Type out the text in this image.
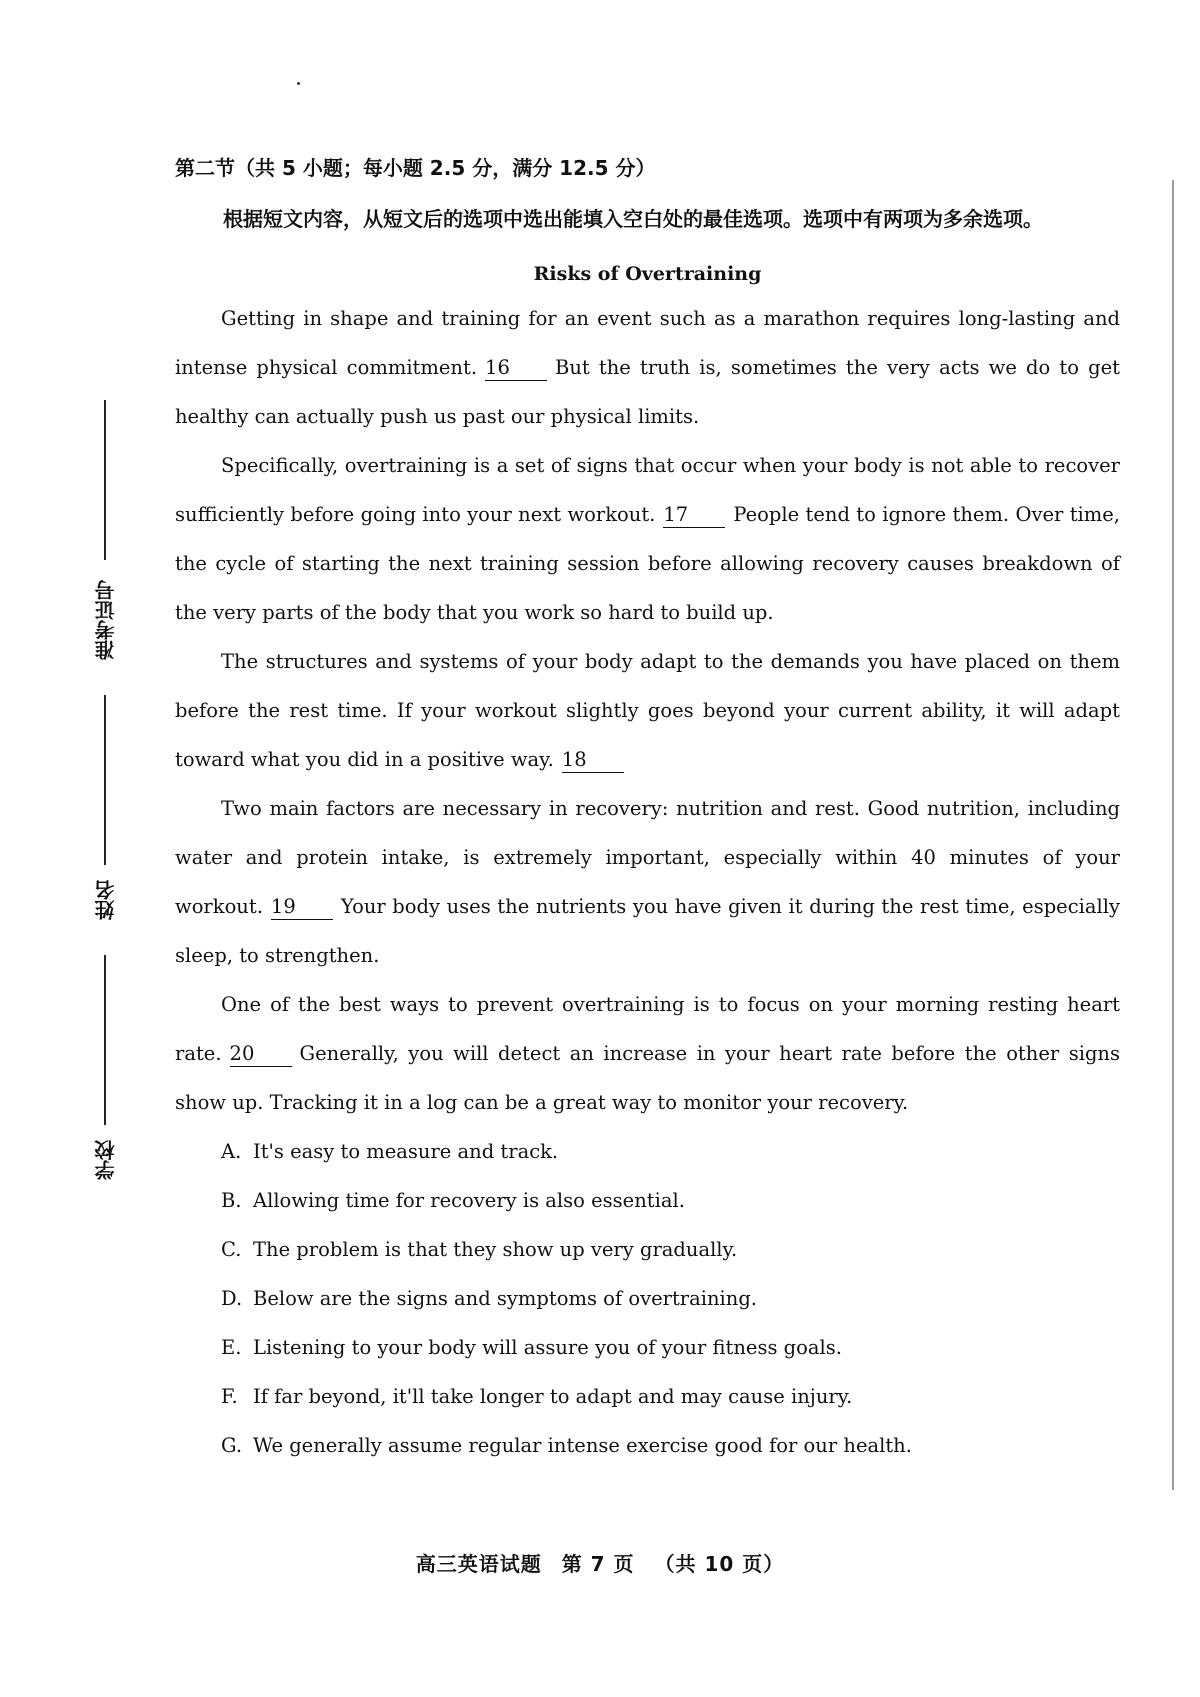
准考证号
姓名
学校

第二节（共 5 小题；每小题 2.5 分，满分 12.5 分）

根据短文内容，从短文后的选项中选出能填入空白处的最佳选项。选项中有两项为多余选项。

Risks of Overtraining

Getting in shape and training for an event such as a marathon requires long-lasting and intense physical commitment. 16 But the truth is, sometimes the very acts we do to get healthy can actually push us past our physical limits.

Specifically, overtraining is a set of signs that occur when your body is not able to recover sufficiently before going into your next workout. 17 People tend to ignore them. Over time, the cycle of starting the next training session before allowing recovery causes breakdown of the very parts of the body that you work so hard to build up.

The structures and systems of your body adapt to the demands you have placed on them before the rest time. If your workout slightly goes beyond your current ability, it will adapt toward what you did in a positive way. 18

Two main factors are necessary in recovery: nutrition and rest. Good nutrition, including water and protein intake, is extremely important, especially within 40 minutes of your workout. 19 Your body uses the nutrients you have given it during the rest time, especially sleep, to strengthen.

One of the best ways to prevent overtraining is to focus on your morning resting heart rate. 20 Generally, you will detect an increase in your heart rate before the other signs show up. Tracking it in a log can be a great way to monitor your recovery.

A. It's easy to measure and track.
B. Allowing time for recovery is also essential.
C. The problem is that they show up very gradually.
D. Below are the signs and symptoms of overtraining.
E. Listening to your body will assure you of your fitness goals.
F. If far beyond, it'll take longer to adapt and may cause injury.
G. We generally assume regular intense exercise good for our health.
高三英语试题 第 7 页 （共 10 页）
